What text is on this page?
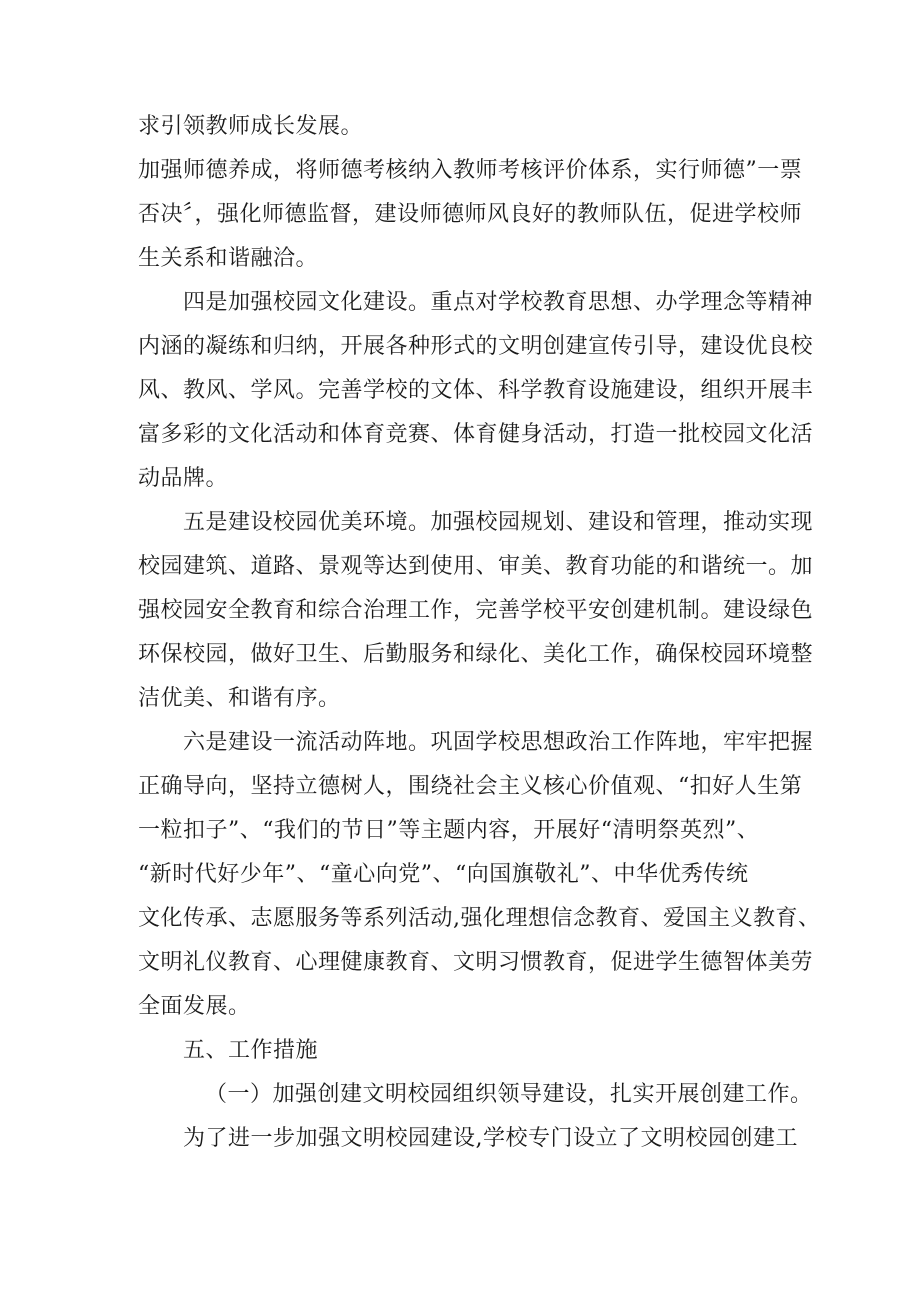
求引领教师成长发展。

加强师德养成，将师德考核纳入教师考核评价体系，实行师德”一票

否决〞，强化师德监督，建设师德师风良好的教师队伍，促进学校师

生关系和谐融洽。

四是加强校园文化建设。重点对学校教育思想、办学理念等精神

内涵的凝练和归纳，开展各种形式的文明创建宣传引导，建设优良校

风、教风、学风。完善学校的文体、科学教育设施建设，组织开展丰

富多彩的文化活动和体育竞赛、体育健身活动，打造一批校园文化活

动品牌。

五是建设校园优美环境。加强校园规划、建设和管理，推动实现

校园建筑、道路、景观等达到使用、审美、教育功能的和谐统一。加

强校园安全教育和综合治理工作，完善学校平安创建机制。建设绿色

环保校园，做好卫生、后勤服务和绿化、美化工作，确保校园环境整

洁优美、和谐有序。

六是建设一流活动阵地。巩固学校思想政治工作阵地，牢牢把握

正确导向，坚持立德树人，围绕社会主义核心价值观、“扣好人生第

一粒扣子”、“我们的节日”等主题内容，开展好“清明祭英烈”、

“新时代好少年”、“童心向党”、“向国旗敬礼”、中华优秀传统

文化传承、志愿服务等系列活动,强化理想信念教育、爱国主义教育、

文明礼仪教育、心理健康教育、文明习惯教育，促进学生德智体美劳

全面发展。

五、工作措施

（一）加强创建文明校园组织领导建设，扎实开展创建工作。

为了进一步加强文明校园建设,学校专门设立了文明校园创建工
